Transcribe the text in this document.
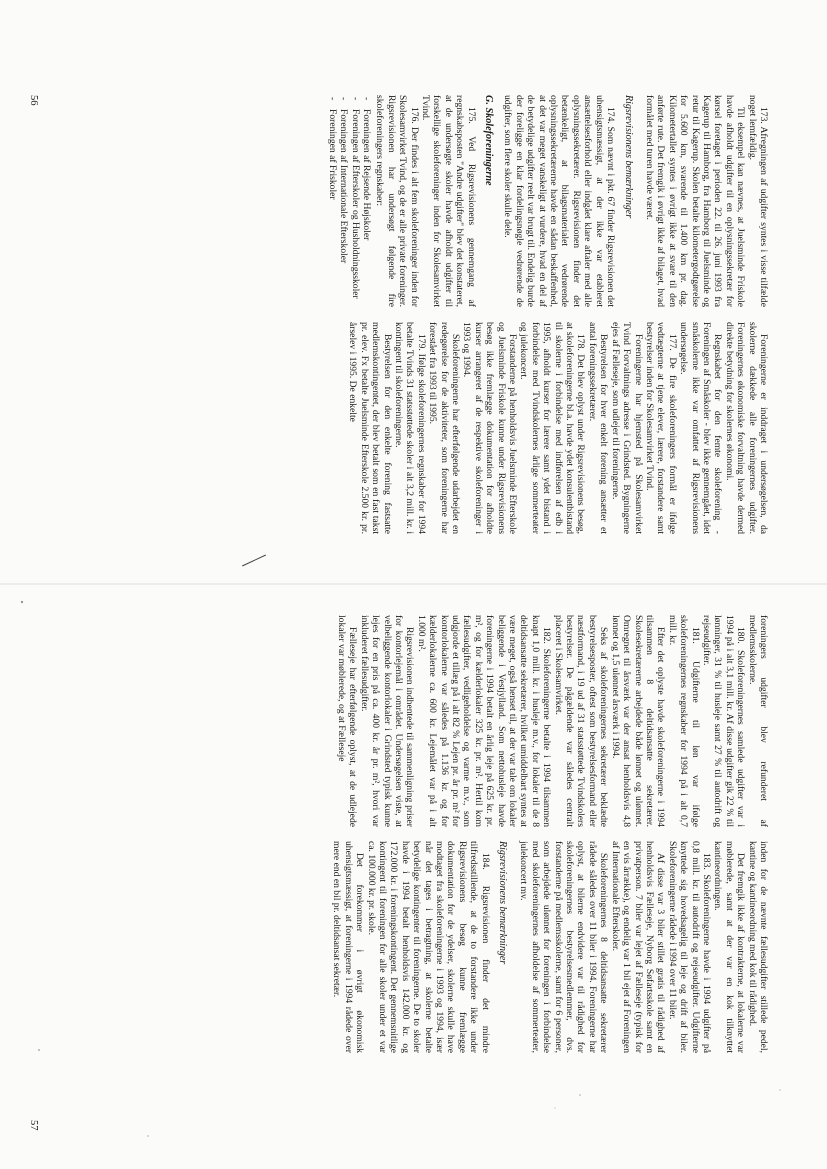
173. Afregningen af udgifter syntes i visse tilfælde noget lemfældig.

Til eksempel kan nævnes, at Juelsminde Friskole havde afholdt udgifter til en oplysningssekretær for kørsel foretaget i perioden 22. til 26. juni 1993 fra Kagerup til Hamborg, fra Hamborg til Juelsminde og retur til Kagerup. Skolen betalte kilometergodtgørelse for 5.600 km, svarende til 1.400 km pr. dag. Kilometertallet syntes i øvrigt ikke at svare til den anførte rute. Det fremgik i øvrigt ikke af bilaget, hvad formålet med turen havde været.

Rigsrevisionens bemærkninger

174. Som nævnt i pkt. 67 finder Rigsrevisionen det uhensigtsmæssigt, at der ikke var etableret ansættelsesforhold eller indgået klare aftaler med alle oplysningssekretærer. Rigsrevisionen finder det betænkeligt, at bilagsmaterialet vedrørende oplysningssekretærerne havde en sådan beskaffenhed, at det var meget vanskeligt at vurdere, hvad en del af de betydelige udgifter reelt var brugt til. Endelig burde der foreligge en klar fordelingsnøgle vedrørende de udgifter, som flere skoler skulle dele.

G. Skoleforeningerne

175. Ved Rigsrevisionens gennemgang af regnskabsposten "Andre udgifter" blev det konstateret, at de undersøgte skoler havde afholdt udgifter til forskellige skoleforeninger inden for Skolesamvirket Tvind.

176. Der findes i alt fem skoleforeninger inden for Skolesamvirket Tvind, og de er alle private foreninger. Rigsrevisionen har undersøgt følgende fire skoleforeningers regnskaber:

- Foreningen af Rejsende Højskoler
- Foreningen af Efterskoler og Husholdningsskoler
- Foreningen af Internationale Efterskoler
- Foreningen af Friskoler

Foreningerne er inddraget i undersøgelsen, da skolerne dækkede alle foreningernes udgifter. Foreningernes økonomiske forvaltning havde dermed direkte betydning for skolernes økonomi.

Regnskabet for den femte skoleforening - Foreningen af Småskoler - blev ikke gennemgået, idet småskolerne ikke var omfattet af Rigsrevisionens undersøgelse.

177. De fire skoleforeningers formål er ifølge vedtægterne at tjene elever, lærere, forstandere samt bestyrelser inden for Skolesamvirket Tvind.

Foreningerne har hjemsted på Skolesamvirket Tvind Forvaltnings adresse i Grindsted. Bygningerne ejes af Fælleseje, som udlejer til foreningerne.

Bestyrelsen for hver enkelt forening ansætter et antal foreningssekretærer.

178. Det blev oplyst under Rigsrevisionens besøg, at skoleforeningerne bl.a. havde ydet konsulentbistand til skolerne i forbindelse med indførelsen af edb i 1995, afholdt kurser for lærere samt ydet bistand i forbindelse med Tvindskolernes årlige sommerteater og julekoncert.

Forstanderne på henholdsvis Juelsminde Efterskole og Juelsminde Friskole kunne under Rigsrevisionens besøg ikke fremlægge dokumentation for afholdte kurser arrangeret af de respektive skoleforeninger i 1993 og 1994.

Skoleforeningerne har efterfølgende udarbejdet en redegørelse for de aktiviteter, som foreningerne har forestået fra 1993 til 1995.

179. Ifølge skoleforeningernes regnskaber for 1994 betalte Tvinds 31 statsstøttede skoler i alt 3,2 mill. kr. i kontingent til skoleforeningerne.

Bestyrelsen for den enkelte forening fastsatte medlemskontingentet, der blev betalt som en fast takst pr. elev. Fx betalte Juelsminde Efterskole 2.500 kr. pr. årselev i 1995. De enkelte

56

foreningers udgifter blev refunderet af medlemsskolerne.

180. Skoleforeningernes samlede udgifter var i 1994 på i alt 3,1 mill. kr. Af disse udgifter gik 22 % til lønninger, 31 % til husleje samt 27 % til autodrift og rejseudgifter.

181. Udgifterne til løn var ifølge skoleforeningernes regnskaber for 1994 på i alt 0,7 mill. kr.

Efter det oplyste havde skoleforeningerne i 1994 tilsammen 8 deltidsansatte sekretærer. Skolesekretærerne arbejdede både lønnet og ulønnet. Omregnet til årsværk var der ansat henholdsvis 4,8 lønnet og 1,5 ulønnet årsværk i 1994.

Seks af skoleforeningernes sekretærer beklædte bestyrelsesposter, oftest som bestyrelsesformand eller næstformand, i 19 ud af 31 statsstøttede Tvindskolers bestyrelser. De pågældende var således centralt placeret i Skolesamvirket.

182. Skoleforeningerne betalte i 1994 tilsammen knapt 1,0 mill. kr. i husleje m.v., for lokaler til de 8 deltidsansatte sekretærer, hvilket umiddelbart syntes at være meget, også henset til, at der var tale om lokaler beliggende i Vestjylland. Som nettohusleje havde foreningerne i 1994 betalt en årlig leje på 625 kr. pr. m², og for kælderlokaler 325 kr. pr. m². Hertil kom fællesudgifter, vedligeholdelse og varme m.v., som udgjorde et tillæg på i alt 82 % Lejen pr. år pr. m² for kontorlokalerne var således på 1.136 kr. og for kælderlokalerne ca. 600 kr. Lejemålet var på i alt 1.000 m².

Rigsrevisionen indhentede til sammenligning priser for kontorlejemål i området. Undersøgelsen viste, at velbeliggende kontorlokaler i Grindsted typisk kunne lejes for en pris på ca. 400 kr. år pr. m², hvori var inkluderet fællesudgifter.

Fælleseje har efterfølgende oplyst, at de udlejede lokaler var møblerede, og at Fælleseje

inden for de nævnte fællesudgifter stillede pedel, kantine og kantineordning med kok til rådighed.

Det fremgik ikke af kontrakterne, at lokalerne var møblerede, samt at der var en kok tilknyttet kantineordningen.

183. Skoleforeningerne havde i 1994 udgifter på 0,8 mill. kr. til autodrift og rejseudgifter. Udgifterne knyttede sig hovedsagelig til leje og drift af biler. Skoleforeningerne rådede i 1994 over 11 biler.

Af disse var 3 biler stillet gratis til rådighed af henholdsvis Fælleseje, Nyborg Søfartsskole samt en privatperson. 7 biler var lejet af Fælleseje (typisk for en vis årrække), og endelig var 1 bil ejet af Foreningen af Internationale Efterskoler.

Skoleforeningernes 8 deltidsansatte sekretærer rådede således over 11 biler i 1994. Foreningerne har oplyst, at bilerne endvidere var til rådighed for skoleforeningernes bestyrelsesmedlemmer, dvs. forstanderne på medlemsskolerne, samt for 6 personer, som arbejdede ulønnet for foreningen i forbindelse med skoleforeningernes afholdelse af sommerteater, julekoncert mv.

Rigsrevisionens bemærkninger

184. Rigsrevisionen finder det mindre tilfredsstillende, at de to forstandere ikke under Rigsrevisionens besøg kunne fremlægge dokumentation for de ydelser, skolerne skulle have modtaget fra skoleforeningerne i 1993 og 1994, især når det tages i betragtning, at skolerne betalte betydelige kontingenter til foreningerne. De to skoler havde i 1994 betalt henholdsvis 142.000 kr. og 172.000 kr. i foreningskontingent. Det gennemsnitlige kontingent til foreningen for alle skoler under et var ca. 100.000 kr. pr. skole.

Det forekommer i øvrigt økonomisk uhensigtsmæssigt, at foreningerne i 1994 rådede over mere end en bil pr. deltidsansat sekretær.

57
